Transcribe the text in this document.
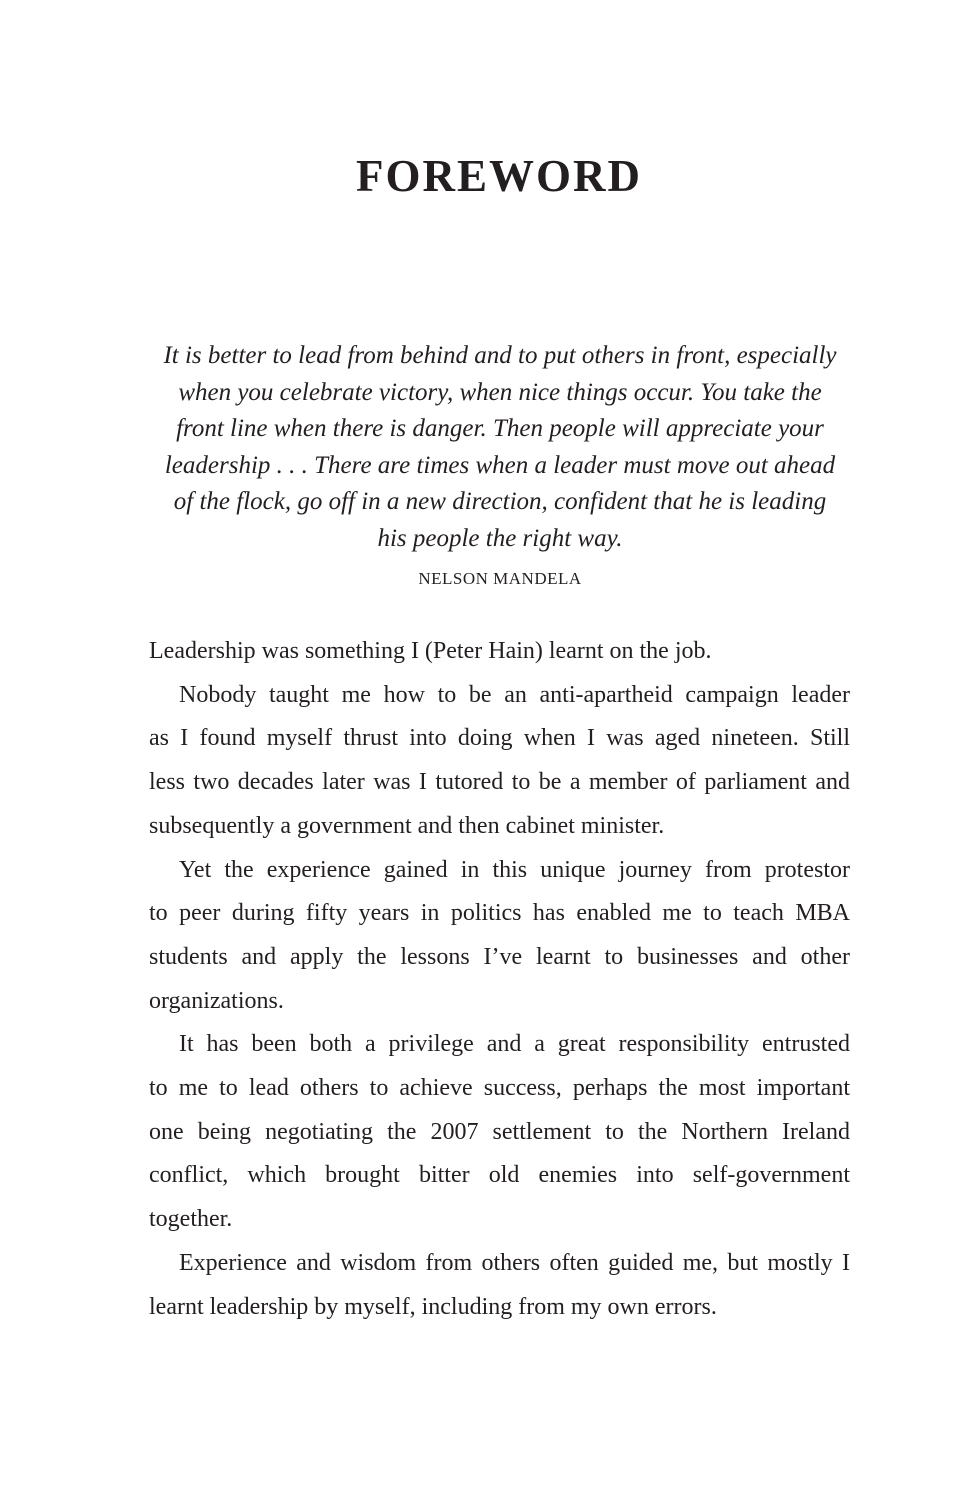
FOREWORD
It is better to lead from behind and to put others in front, especially
when you celebrate victory, when nice things occur. You take the
front line when there is danger. Then people will appreciate your
leadership . . . There are times when a leader must move out ahead
of the flock, go off in a new direction, confident that he is leading
his people the right way.
NELSON MANDELA

Leadership was something I (Peter Hain) learnt on the job.

Nobody taught me how to be an anti-apartheid campaign leader
as I found myself thrust into doing when I was aged nineteen. Still
less two decades later was I tutored to be a member of parliament and
subsequently a government and then cabinet minister.

Yet the experience gained in this unique journey from protestor
to peer during fifty years in politics has enabled me to teach MBA
students and apply the lessons I’ve learnt to businesses and other
organizations.

It has been both a privilege and a great responsibility entrusted
to me to lead others to achieve success, perhaps the most important
one being negotiating the 2007 settlement to the Northern Ireland
conflict, which brought bitter old enemies into self-government
together.

Experience and wisdom from others often guided me, but mostly I
learnt leadership by myself, including from my own errors.
